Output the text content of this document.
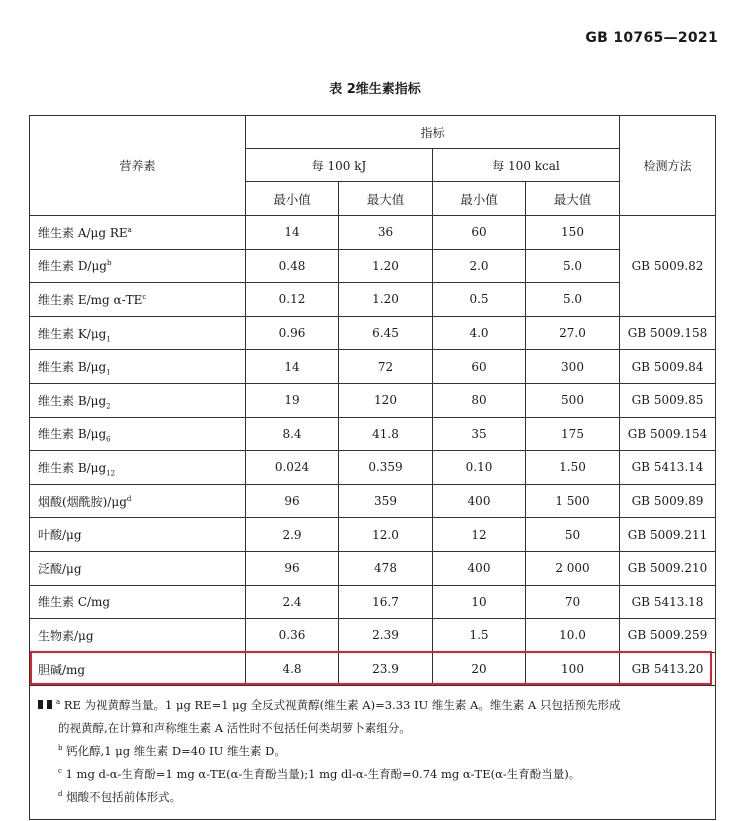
GB 10765—2021
表 2维生素指标
营养素	指标				检测方法
	每 100 kJ		每 100 kcal		
	最小值	最大值	最小值	最大值	
维生素 A/μg $RE^a$	14	36	60	150	GB 5009.82
维生素 $D/\mu g^b$	0.48	1.20	2.0	5.0	
维生素 E/mg $\alpha-TE^c$	0.12	1.20	0.5	5.0	
维生素 $K/\mu g_1$	0.96	6.45	4.0	27.0	GB 5009.158
维生素 $B/\mu g_1$	14	72	60	300	GB 5009.84
维生素 $B/\mu g_2$	19	120	80	500	GB 5009.85
维生素 $B/\mu g_6$	8.4	41.8	35	175	GB 5009.154
维生素 $B/\mu g_{12}$	0.024	0.359	0.10	1.50	GB 5413.14
烟酸(烟酰胺)$/\mu g^d$	96	359	400	1 500	GB 5009.89
叶酸/μg	2.9	12.0	12	50	GB 5009.211
泛酸/μg	96	478	400	2 000	GB 5009.210
维生素 C/mg	2.4	16.7	10	70	GB 5413.18
生物素/μg	0.36	2.39	1.5	10.0	GB 5009.259
胆碱/mg	4.8	23.9	20	100	GB 5413.20

$^a$ RE 为视黄醇当量。1 μg RE=1 μg 全反式视黄醇(维生素 A)=3.33 IU 维生素 A。维生素 A 只包括预先形成
的视黄醇,在计算和声称维生素 A 活性时不包括任何类胡萝卜素组分。
$^b$ 钙化醇,1 μg 维生素 D=40 IU 维生素 D。
$^c$ 1 mg d-α-生育酚=1 mg α-TE(α-生育酚当量);1 mg dl-α-生育酚=0.74 mg α-TE(α-生育酚当量)。
$^d$ 烟酸不包括前体形式。					
